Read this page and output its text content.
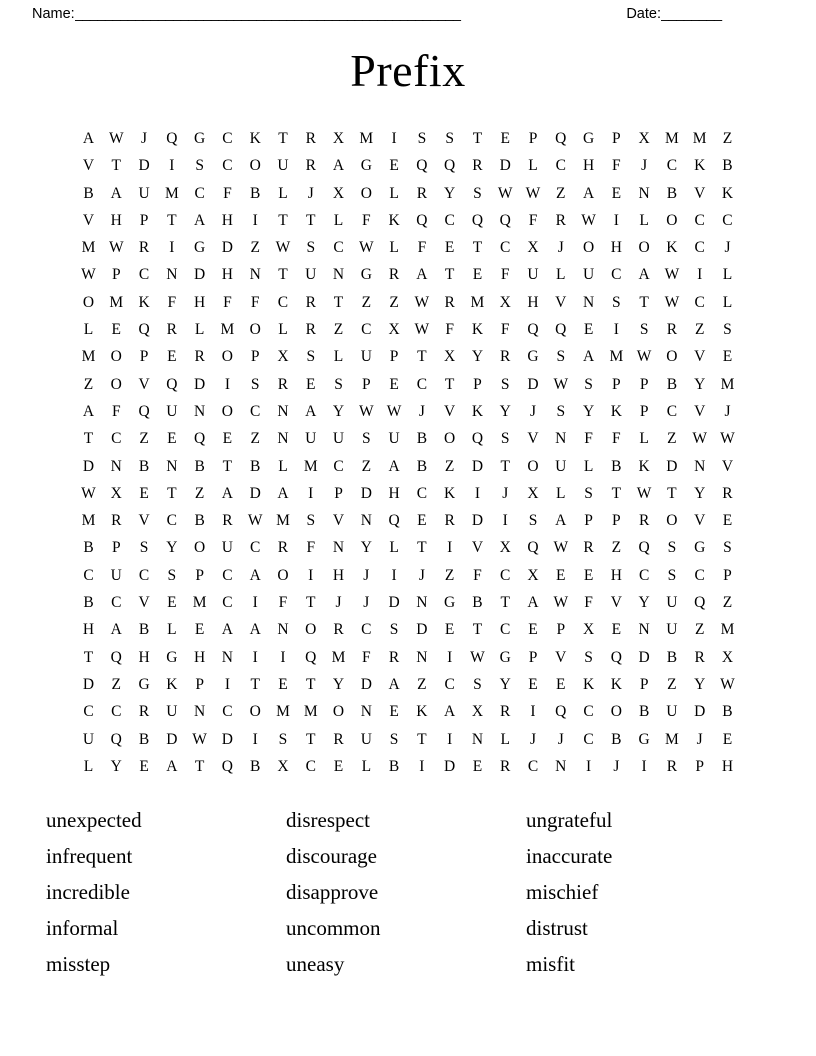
Name: ___________________________________________________	Date: ________
Prefix
A W	J	Q	G	C	K	T	R	X M	I	S	S	T	E	P	Q	G	P	X M M	Z
V	T	D	I	S	C	O	U	R	A	G	E	Q	Q	R	D	L	C	H	F	J	C	K	B
B	A	U M	C	F	B	L	J	X	O	L	R	Y	S	W W	Z	A	E	N	B	V	K
V	H	P	T	A	H	I	T	T	L	F	K	Q	C	Q	Q	F	R W	I	L	O	C	C
M W R	I	G	D	Z	W	S	C W	L	F	E	T	C	X	J	O	H	O	K	C	J
W	P	C	N	D	H	N	T	U	N	G	R	A	T	E	F	U	L	U	C	A W	I	L
O M K	F	H	F	F	C	R	T	Z	Z	W R	M X	H	V	N	S	T	W C	L
L	E	Q	R	L	M O	L	R	Z	C	X W	F	K	F	Q	Q	E	I	S	R	Z	S
M O	P	E	R	O	P	X	S	L	U	P	T	X	Y	R	G	S	A M W O	V	E
Z	O	V	Q	D	I	S	R	E	S	P	E	C	T	P	S	D W	S	P	P	B	Y M
A	F	Q	U	N	O	C	N	A	Y W W	J	V	K	Y	J	S	Y	K	P	C	V	J
T	C	Z	E	Q	E	Z	N	U	U	S	U	B	O	Q	S	V	N	F	F	L	Z	W W
D	N	B	N	B	T	B	L	M	C	Z	A	B	Z	D	T	O	U	L	B	K	D	N	V
W X	E	T	Z	A	D	A	I	P	D	H	C	K	I	J	X	L	S	T	W	T	Y	R
M	R	V	C	B	R W M	S	V	N	Q	E	R	D	I	S	A	P	P	R	O	V	E
B	P	S	Y	O	U	C	R	F	N	Y	L	T	I	V	X	Q W R	Z	Q	S	G	S
C	U	C	S	P	C	A	O	I	H	J	I	J	Z	F	C	X	E	E	H	C	S	C	P
B	C	V	E	M	C	I	F	T	J	J	D	N	G	B	T	A W	F	V	Y	U	Q	Z
H	A	B	L	E	A	A	N	O	R	C	S	D	E	T	C	E	P	X	E	N	U	Z	M
T	Q	H	G	H	N	I	I	Q M	F	R	N	I	W G	P	V	S	Q	D	B	R	X
D	Z	G	K	P	I	T	E	T	Y	D	A	Z	C	S	Y	E	E	K	K	P	Z	Y W
C	C	R	U	N	C	O M M O	N	E	K	A	X	R	I	Q	C	O	B	U	D	B
U	Q	B	D W D	I	S	T	R	U	S	T	I	N	L	J	J	C	B	G M	J	E
L	Y	E	A	T	Q	B	X	C	E	L	B	I	D	E	R	C	N	I	J	I	R	P	H
unexpected
infrequent
incredible
informal
misstep
disrespect
discourage
disapprove
uncommon
uneasy
ungrateful
inaccurate
mischief
distrust
misfit
